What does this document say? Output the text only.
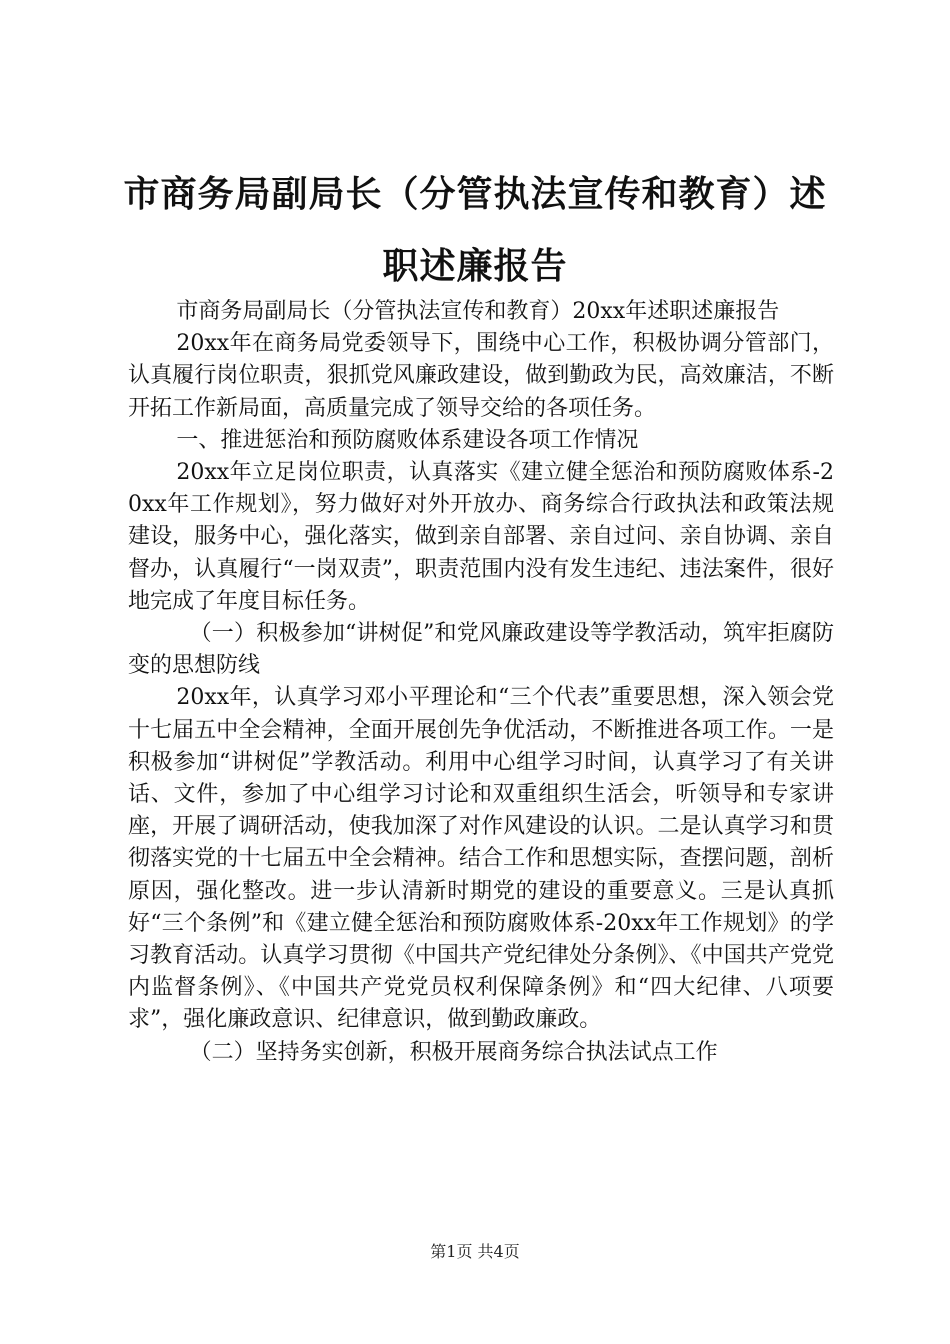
市商务局副局长（分管执法宣传和教育）述职述廉报告

市商务局副局长（分管执法宣传和教育）20xx年述职述廉报告

20xx年在商务局党委领导下，围绕中心工作，积极协调分管部门，认真履行岗位职责，狠抓党风廉政建设，做到勤政为民，高效廉洁，不断开拓工作新局面，高质量完成了领导交给的各项任务。

一、推进惩治和预防腐败体系建设各项工作情况

20xx年立足岗位职责，认真落实《建立健全惩治和预防腐败体系-20xx年工作规划》，努力做好对外开放办、商务综合行政执法和政策法规建设，服务中心，强化落实，做到亲自部署、亲自过问、亲自协调、亲自督办，认真履行“一岗双责”，职责范围内没有发生违纪、违法案件，很好地完成了年度目标任务。

（一）积极参加“讲树促”和党风廉政建设等学教活动，筑牢拒腐防变的思想防线

20xx年，认真学习邓小平理论和“三个代表”重要思想，深入领会党十七届五中全会精神，全面开展创先争优活动，不断推进各项工作。一是积极参加“讲树促”学教活动。利用中心组学习时间，认真学习了有关讲话、文件，参加了中心组学习讨论和双重组织生活会，听领导和专家讲座，开展了调研活动，使我加深了对作风建设的认识。二是认真学习和贯彻落实党的十七届五中全会精神。结合工作和思想实际，查摆问题，剖析原因，强化整改。进一步认清新时期党的建设的重要意义。三是认真抓好“三个条例”和《建立健全惩治和预防腐败体系-20xx年工作规划》的学习教育活动。认真学习贯彻《中国共产党纪律处分条例》、《中国共产党党内监督条例》、《中国共产党党员权利保障条例》和“四大纪律、八项要求”，强化廉政意识、纪律意识，做到勤政廉政。

（二）坚持务实创新，积极开展商务综合执法试点工作

第1页 共4页
